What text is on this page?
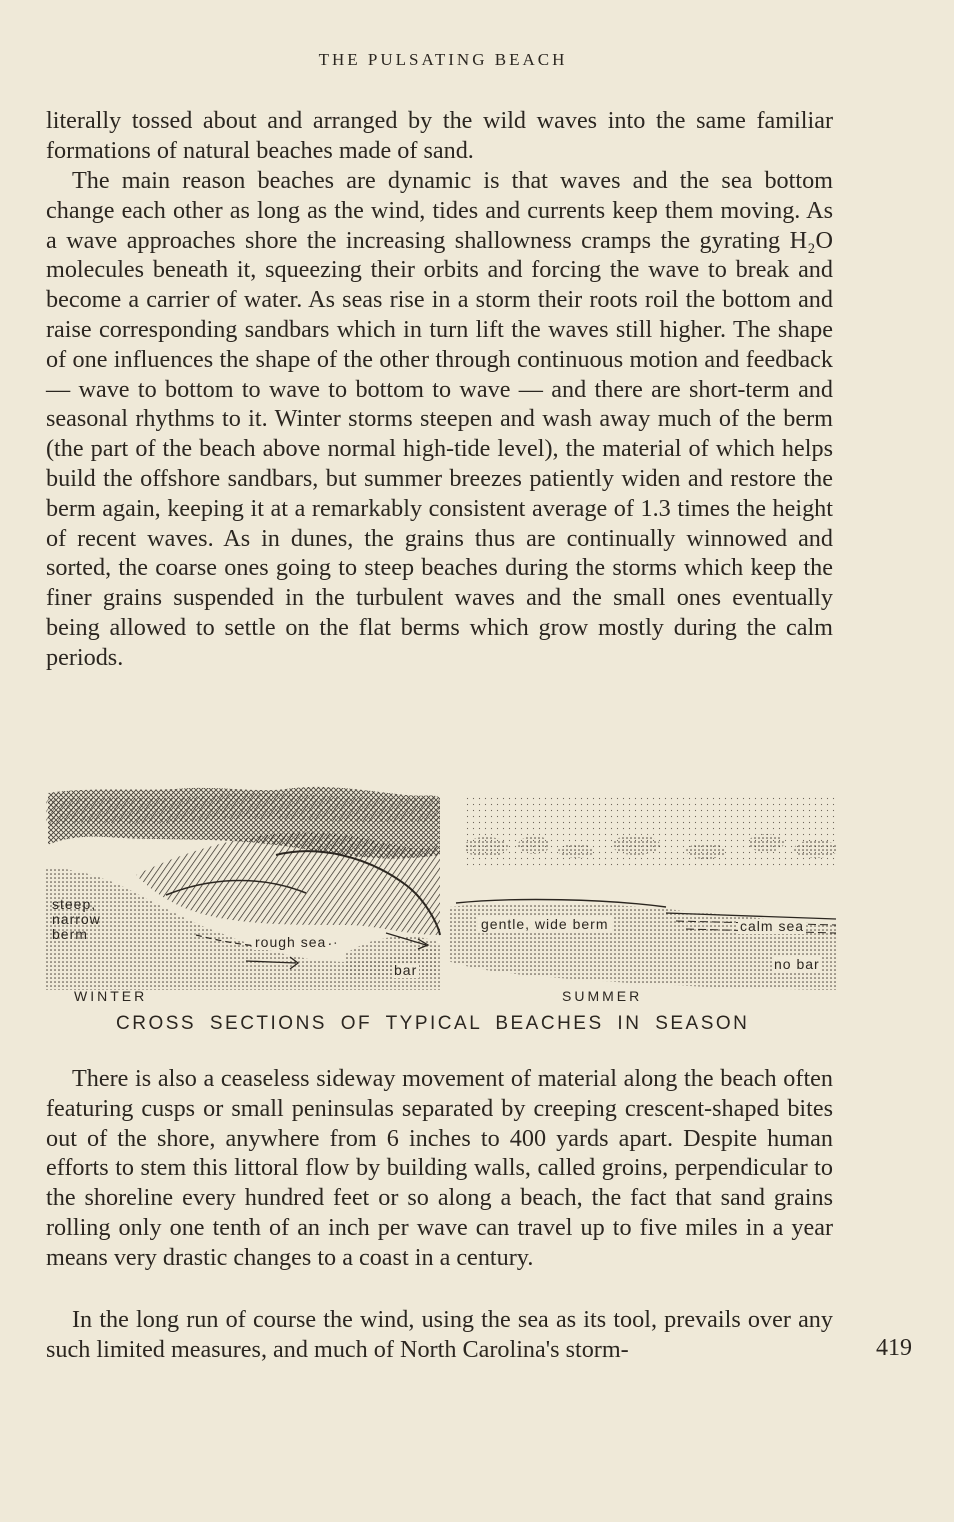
THE PULSATING BEACH

literally tossed about and arranged by the wild waves into the same familiar formations of natural beaches made of sand.

The main reason beaches are dynamic is that waves and the sea bottom change each other as long as the wind, tides and currents keep them moving. As a wave approaches shore the increasing shallowness cramps the gyrating H₂O molecules beneath it, squeezing their orbits and forcing the wave to break and become a carrier of water. As seas rise in a storm their roots roil the bottom and raise corresponding sandbars which in turn lift the waves still higher. The shape of one influences the shape of the other through continuous motion and feedback — wave to bottom to wave to bottom to wave — and there are short-term and seasonal rhythms to it. Winter storms steepen and wash away much of the berm (the part of the beach above normal high-tide level), the material of which helps build the offshore sandbars, but summer breezes patiently widen and restore the berm again, keeping it at a remarkably consistent average of 1.3 times the height of recent waves. As in dunes, the grains thus are continually winnowed and sorted, the coarse ones going to steep beaches during the storms which keep the finer grains suspended in the turbulent waves and the small ones eventually being allowed to settle on the flat berms which grow mostly during the calm periods.

steep,
narrow
berm	rough sea
bar
gentle, wide berm	calm sea
no bar
WINTER	SUMMER
CROSS SECTIONS OF TYPICAL BEACHES IN SEASON

There is also a ceaseless sideway movement of material along the beach often featuring cusps or small peninsulas separated by creeping crescent-shaped bites out of the shore, anywhere from 6 inches to 400 yards apart. Despite human efforts to stem this littoral flow by building walls, called groins, perpendicular to the shoreline every hundred feet or so along a beach, the fact that sand grains rolling only one tenth of an inch per wave can travel up to five miles in a year means very drastic changes to a coast in a century.

In the long run of course the wind, using the sea as its tool, prevails over any such limited measures, and much of North Carolina's storm-	419
